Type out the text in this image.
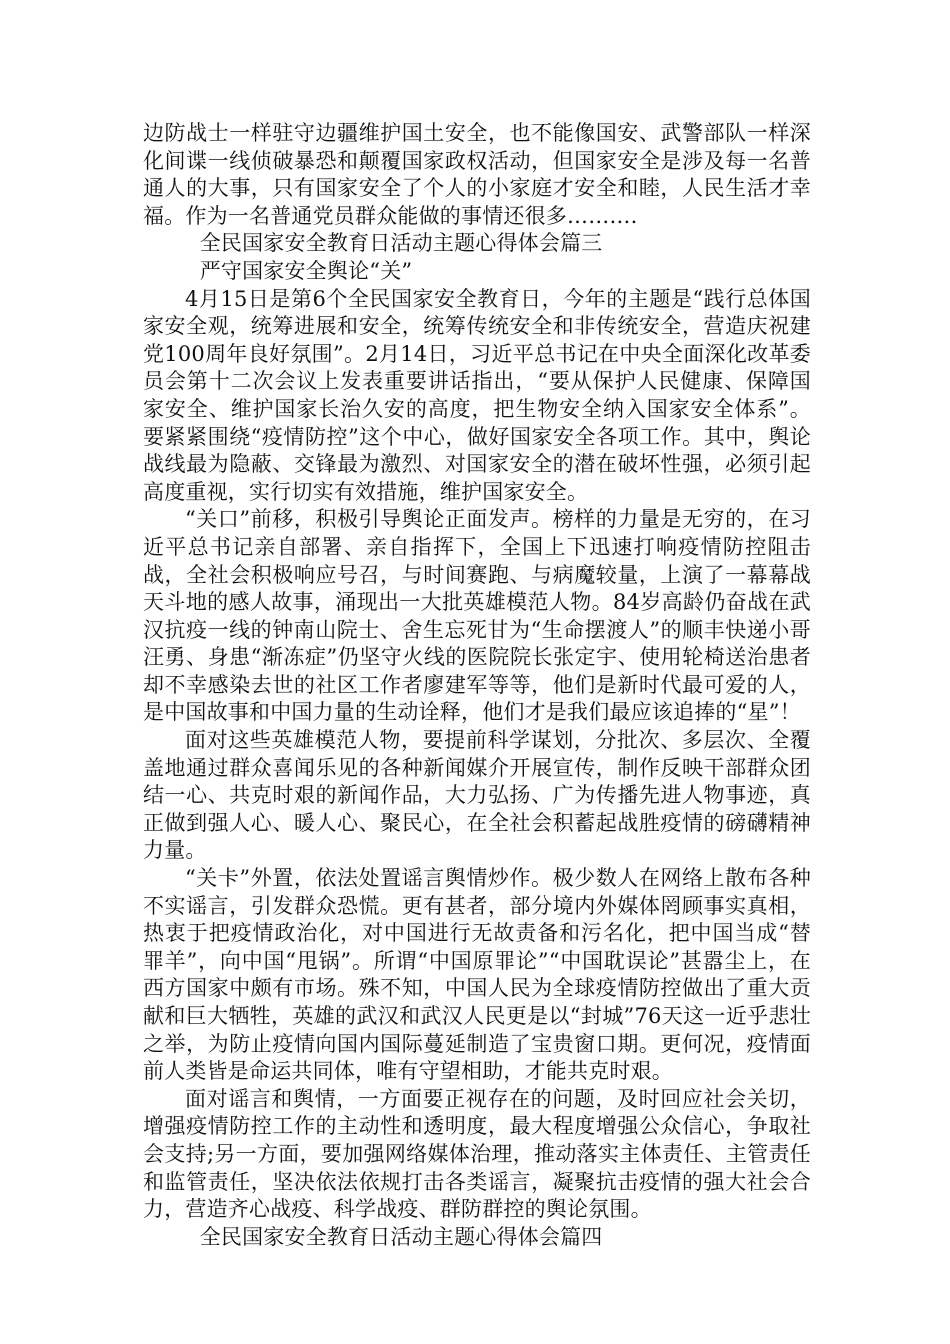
边防战士一样驻守边疆维护国土安全，也不能像国安、武警部队一样深化间谍一线侦破暴恐和颠覆国家政权活动，但国家安全是涉及每一名普通人的大事，只有国家安全了个人的小家庭才安全和睦，人民生活才幸福。作为一名普通党员群众能做的事情还很多……….

全民国家安全教育日活动主题心得体会篇三

严守国家安全舆论“关”

4月15日是第6个全民国家安全教育日，今年的主题是“践行总体国家安全观，统筹进展和安全，统筹传统安全和非传统安全，营造庆祝建党100周年良好氛围”。2月14日，习近平总书记在中央全面深化改革委员会第十二次会议上发表重要讲话指出，“要从保护人民健康、保障国家安全、维护国家长治久安的高度，把生物安全纳入国家安全体系”。要紧紧围绕“疫情防控”这个中心，做好国家安全各项工作。其中，舆论战线最为隐蔽、交锋最为激烈、对国家安全的潜在破坏性强，必须引起高度重视，实行切实有效措施，维护国家安全。

“关口”前移，积极引导舆论正面发声。榜样的力量是无穷的，在习近平总书记亲自部署、亲自指挥下，全国上下迅速打响疫情防控阻击战，全社会积极响应号召，与时间赛跑、与病魔较量，上演了一幕幕战天斗地的感人故事，涌现出一大批英雄模范人物。84岁高龄仍奋战在武汉抗疫一线的钟南山院士、舍生忘死甘为“生命摆渡人”的顺丰快递小哥汪勇、身患“渐冻症”仍坚守火线的医院院长张定宇、使用轮椅送治患者却不幸感染去世的社区工作者廖建军等等，他们是新时代最可爱的人，是中国故事和中国力量的生动诠释，他们才是我们最应该追捧的“星”！

面对这些英雄模范人物，要提前科学谋划，分批次、多层次、全覆盖地通过群众喜闻乐见的各种新闻媒介开展宣传，制作反映干部群众团结一心、共克时艰的新闻作品，大力弘扬、广为传播先进人物事迹，真正做到强人心、暖人心、聚民心，在全社会积蓄起战胜疫情的磅礴精神力量。

“关卡”外置，依法处置谣言舆情炒作。极少数人在网络上散布各种不实谣言，引发群众恐慌。更有甚者，部分境内外媒体罔顾事实真相，热衷于把疫情政治化，对中国进行无故责备和污名化，把中国当成“替罪羊”，向中国“甩锅”。所谓“中国原罪论”“中国耽误论”甚嚣尘上，在西方国家中颇有市场。殊不知，中国人民为全球疫情防控做出了重大贡献和巨大牺牲，英雄的武汉和武汉人民更是以“封城”76天这一近乎悲壮之举，为防止疫情向国内国际蔓延制造了宝贵窗口期。更何况，疫情面前人类皆是命运共同体，唯有守望相助，才能共克时艰。

面对谣言和舆情，一方面要正视存在的问题，及时回应社会关切，增强疫情防控工作的主动性和透明度，最大程度增强公众信心，争取社会支持;另一方面，要加强网络媒体治理，推动落实主体责任、主管责任和监管责任，坚决依法依规打击各类谣言，凝聚抗击疫情的强大社会合力，营造齐心战疫、科学战疫、群防群控的舆论氛围。

全民国家安全教育日活动主题心得体会篇四
